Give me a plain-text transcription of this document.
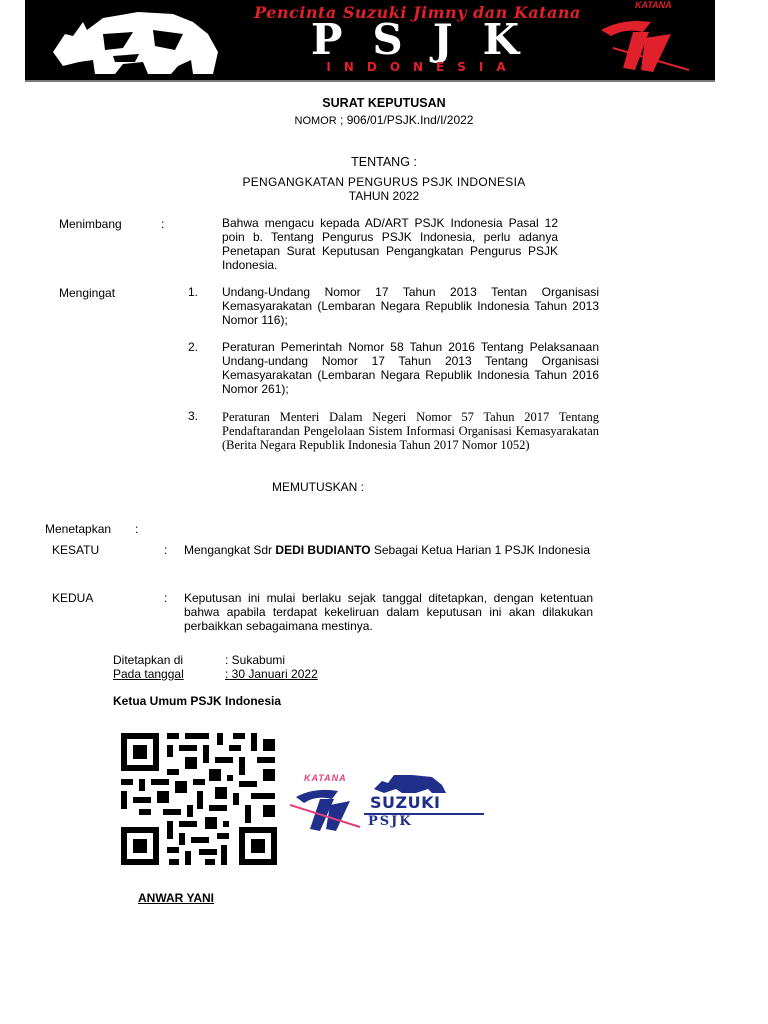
Pencinta Suzuki Jimny dan Katana
PSJK
INDONESIA
KATANA
SURAT KEPUTUSAN
NOMOR ; 906/01/PSJK.Ind/I/2022
TENTANG :
PENGANGKATAN PENGURUS PSJK INDONESIA
TAHUN 2022
Menimbang	:	Bahwa mengacu kepada AD/ART PSJK Indonesia Pasal 12 poin b. Tentang Pengurus PSJK Indonesia, perlu adanya Penetapan Surat Keputusan Pengangkatan Pengurus PSJK Indonesia.
Mengingat	1. Undang-Undang Nomor 17 Tahun 2013 Tentan Organisasi Kemasyarakatan (Lembaran Negara Republik Indonesia Tahun 2013 Nomor 116);
2. Peraturan Pemerintah Nomor 58 Tahun 2016 Tentang Pelaksanaan Undang-undang Nomor 17 Tahun 2013 Tentang Organisasi Kemasyarakatan (Lembaran Negara Republik Indonesia Tahun 2016 Nomor 261);
3. Peraturan Menteri Dalam Negeri Nomor 57 Tahun 2017 Tentang Pendaftarandan Pengelolaan Sistem Informasi Organisasi Kemasyarakatan (Berita Negara Republik Indonesia Tahun 2017 Nomor 1052)
MEMUTUSKAN :
Menetapkan :
KESATU	: Mengangkat Sdr DEDI BUDIANTO Sebagai Ketua Harian 1 PSJK Indonesia
KEDUA	: Keputusan ini mulai berlaku sejak tanggal ditetapkan, dengan ketentuan bahwa apabila terdapat kekeliruan dalam keputusan ini akan dilakukan perbaikkan sebagaimana mestinya.
Ditetapkan di	: Sukabumi
Pada tanggal	: 30 Januari 2022
Ketua Umum PSJK Indonesia
KATANA
SUZUKI
PSJK
ANWAR YANI
